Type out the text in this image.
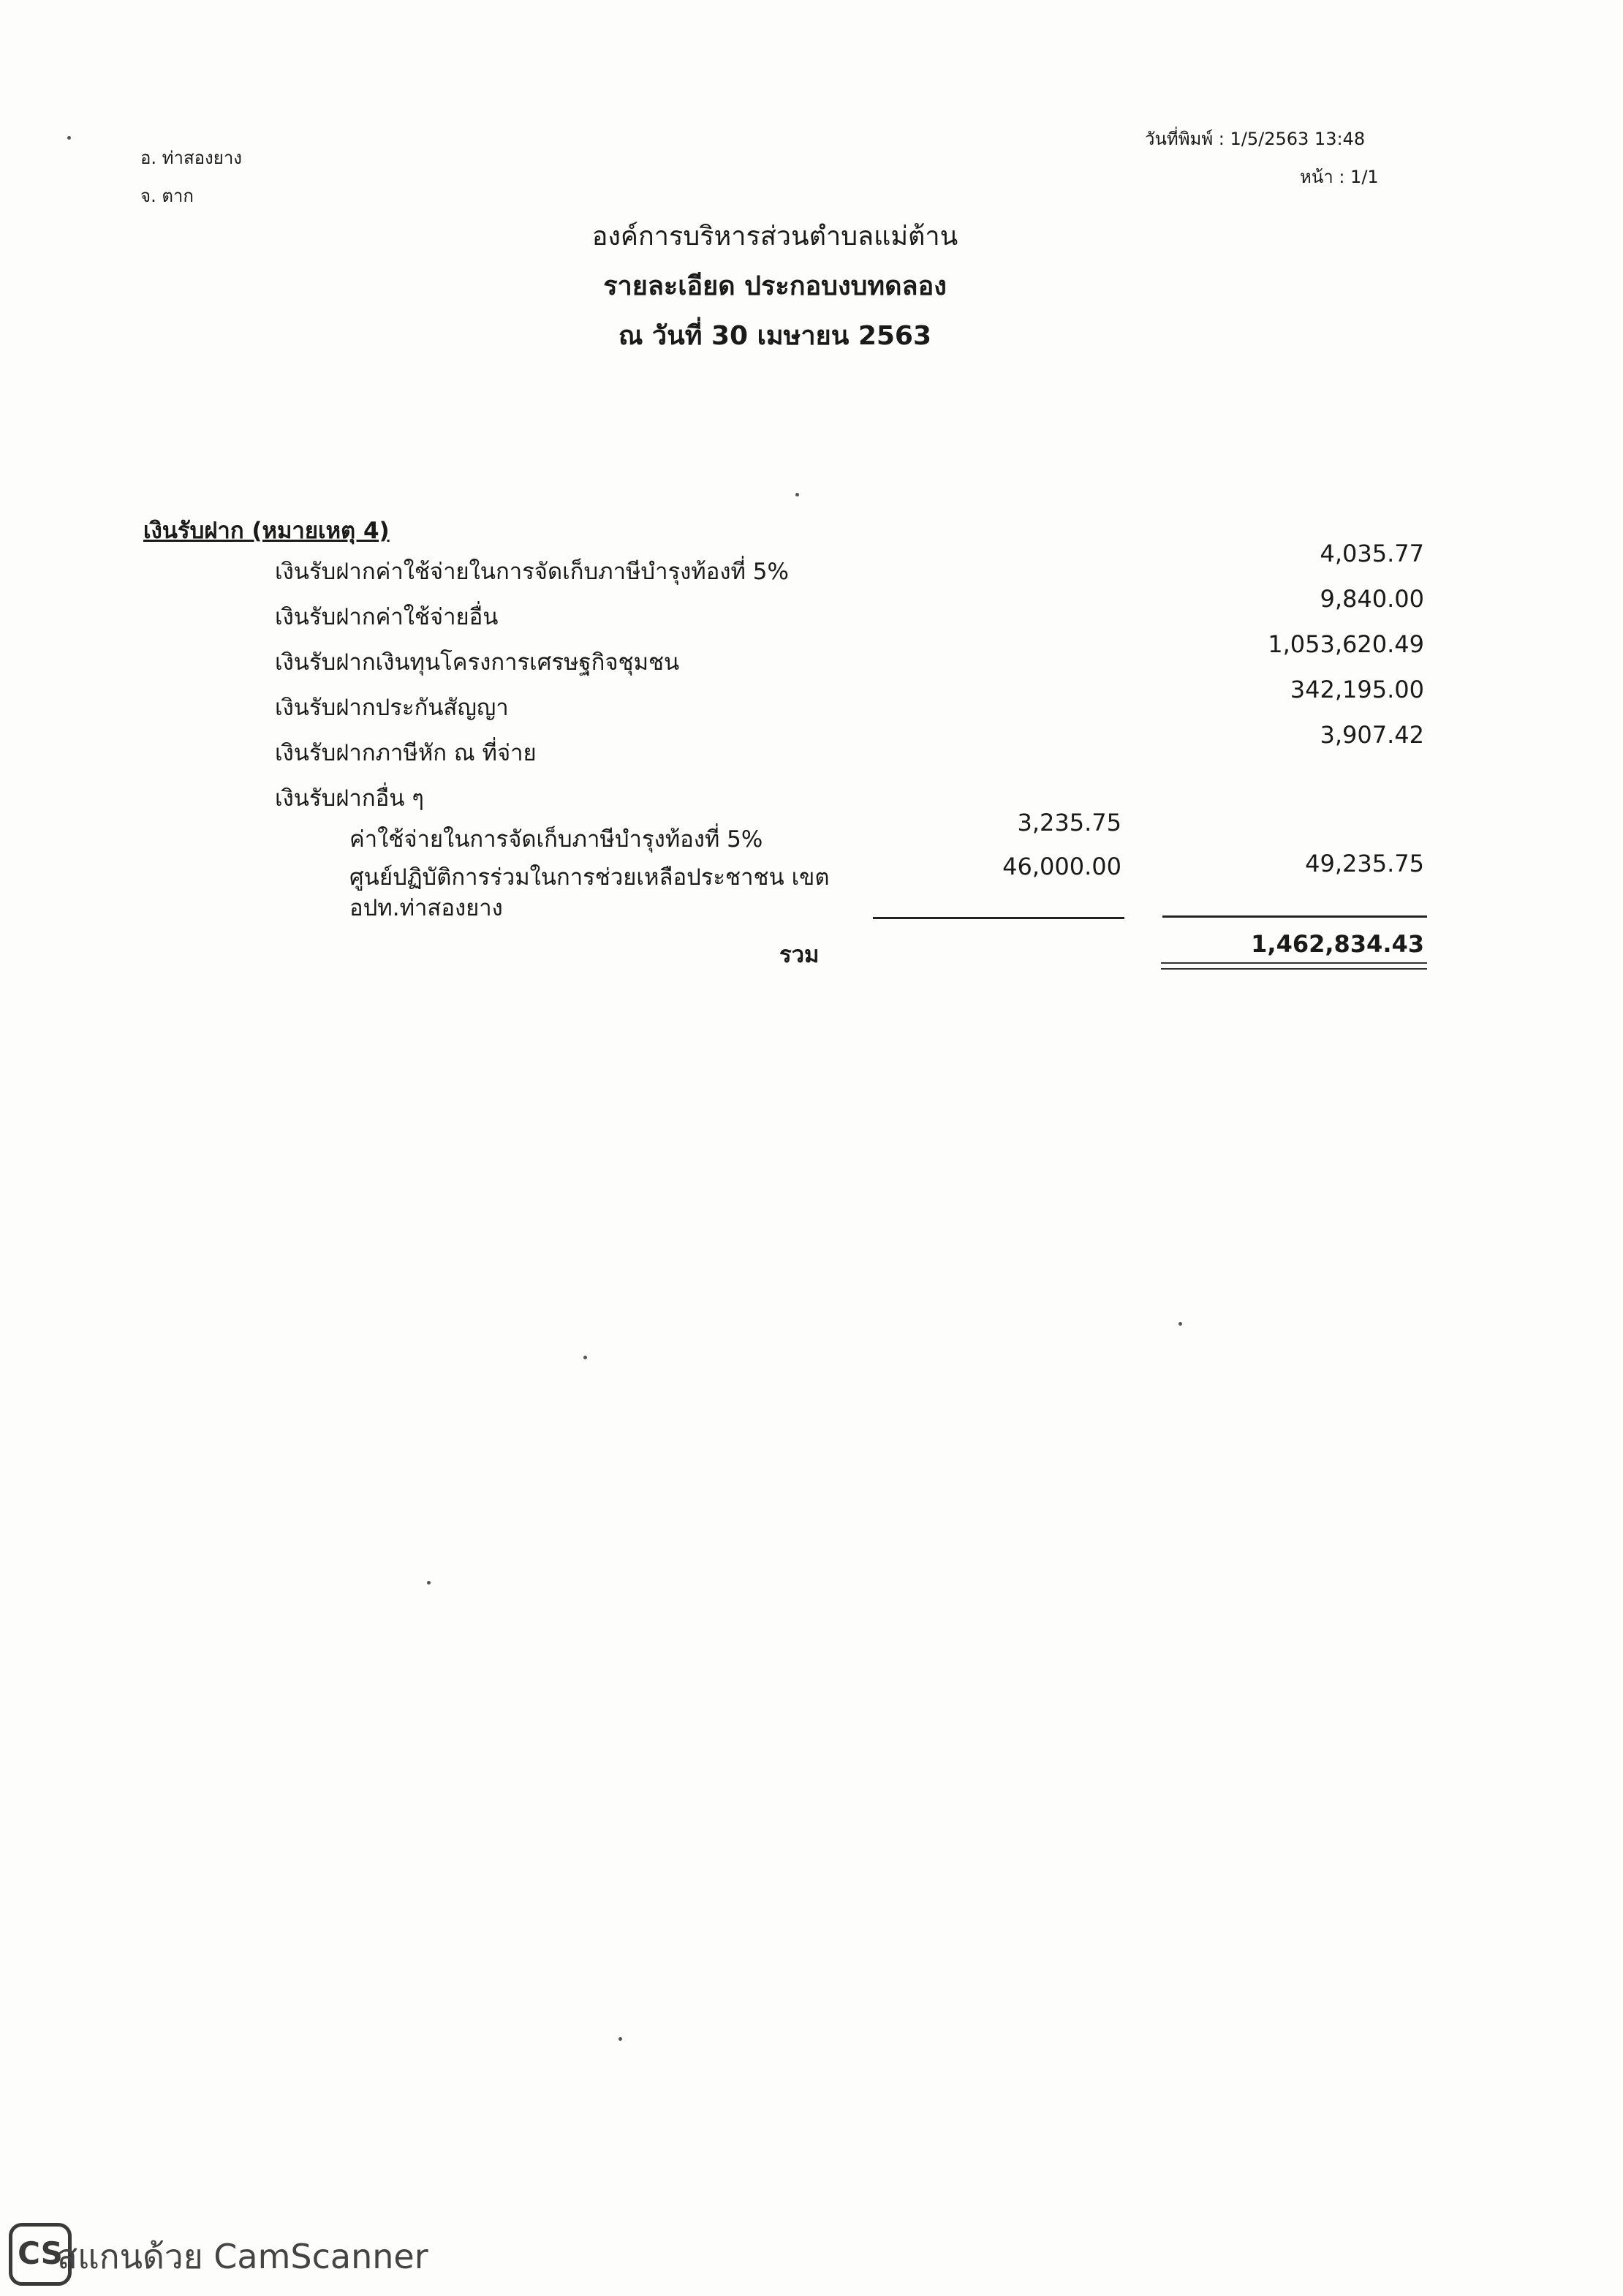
อ. ท่าสองยาง
จ. ตาก
วันที่พิมพ์ : 1/5/2563 13:48
หน้า : 1/1
องค์การบริหารส่วนตำบลแม่ต้าน
รายละเอียด ประกอบงบทดลอง
ณ วันที่ 30 เมษายน 2563
เงินรับฝาก (หมายเหตุ 4)
เงินรับฝากค่าใช้จ่ายในการจัดเก็บภาษีบำรุงท้องที่ 5%
4,035.77
เงินรับฝากค่าใช้จ่ายอื่น
9,840.00
เงินรับฝากเงินทุนโครงการเศรษฐกิจชุมชน
1,053,620.49
เงินรับฝากประกันสัญญา
342,195.00
เงินรับฝากภาษีหัก ณ ที่จ่าย
3,907.42
เงินรับฝากอื่น ๆ
ค่าใช้จ่ายในการจัดเก็บภาษีบำรุงท้องที่ 5%
3,235.75
ศูนย์ปฏิบัติการร่วมในการช่วยเหลือประชาชน เขต
อปท.ท่าสองยาง
46,000.00	49,235.75
รวม	1,462,834.43
CS
สแกนด้วย CamScanner
